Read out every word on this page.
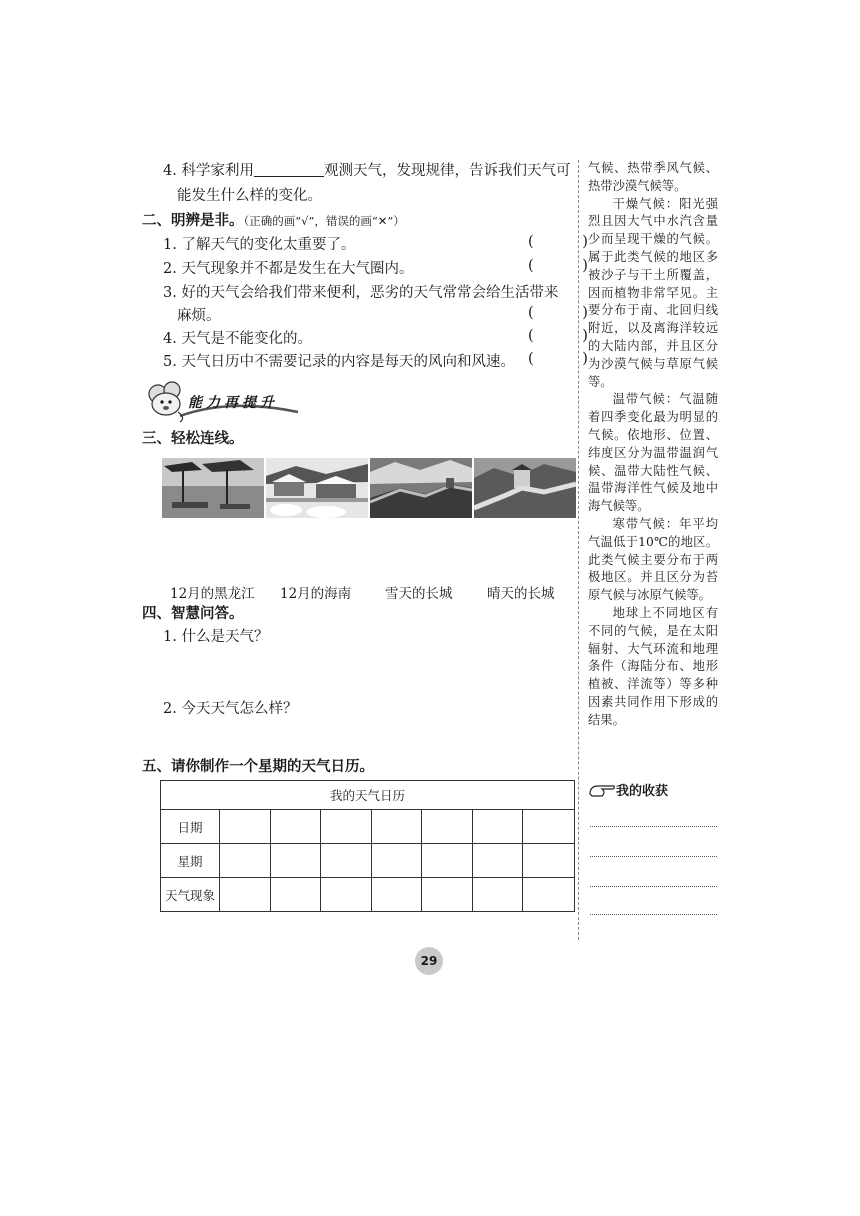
4. 科学家利用	观测天气，发现规律，告诉我们天气可
能发生什么样的变化。
二、明辨是非。（正确的画“√”，错误的画“✕”）
1. 了解天气的变化太重要了。	( )
2. 天气现象并不都是发生在大气圈内。	( )
3. 好的天气会给我们带来便利，恶劣的天气常常会给生活带来
麻烦。	( )
4. 天气是不能变化的。	( )
5. 天气日历中不需要记录的内容是每天的风向和风速。 ( )
能力再提升
三、轻松连线。
12月的黑龙江 12月的海南	雪天的长城	晴天的长城
四、智慧问答。
1. 什么是天气？
2. 今天天气怎么样？
五、请你制作一个星期的天气日历。
我的天气日历							
日期							
星期							
天气现象							

气候、热带季风气候、热带沙漠气候等。

干燥气候：阳光强烈且因大气中水汽含量少而呈现干燥的气候。属于此类气候的地区多被沙子与干土所覆盖，因而植物非常罕见。主要分布于南、北回归线附近，以及离海洋较远的大陆内部，并且区分为沙漠气候与草原气候等。

温带气候：气温随着四季变化最为明显的气候。依地形、位置、纬度区分为温带温润气候、温带大陆性气候、温带海洋性气候及地中海气候等。

寒带气候：年平均气温低于10℃的地区。此类气候主要分布于两极地区。并且区分为苔原气候与冰原气候等。

地球上不同地区有不同的气候，是在太阳辐射、大气环流和地理条件（海陆分布、地形植被、洋流等）等多种因素共同作用下形成的结果。

我的收获
29
